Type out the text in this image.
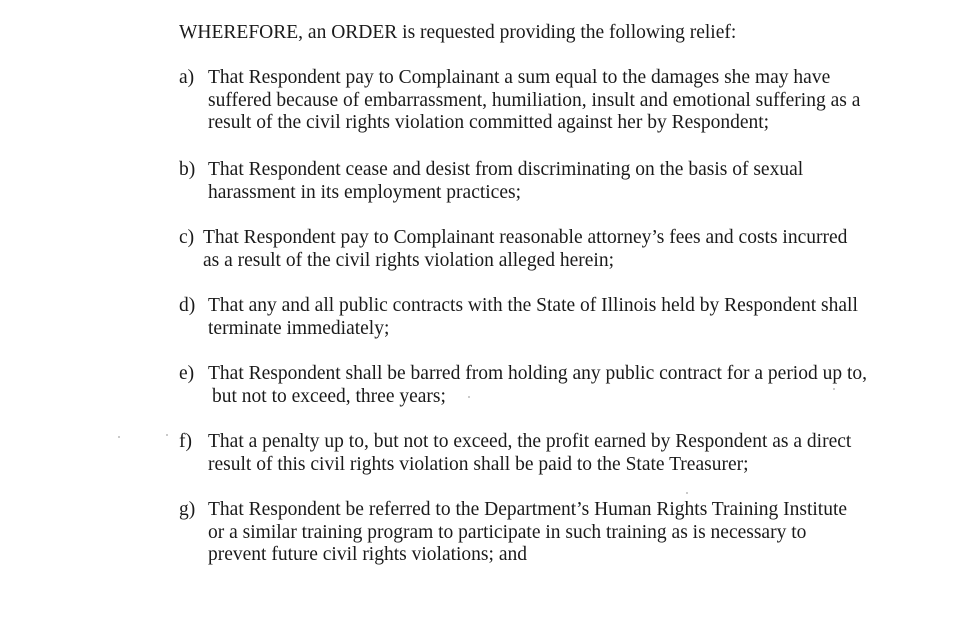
WHEREFORE, an ORDER is requested providing the following relief:
a) That Respondent pay to Complainant a sum equal to the damages she may have
suffered because of embarrassment, humiliation, insult and emotional suffering as a
result of the civil rights violation committed against her by Respondent;
b) That Respondent cease and desist from discriminating on the basis of sexual
harassment in its employment practices;
c) That Respondent pay to Complainant reasonable attorney’s fees and costs incurred
as a result of the civil rights violation alleged herein;
d) That any and all public contracts with the State of Illinois held by Respondent shall
terminate immediately;
e) That Respondent shall be barred from holding any public contract for a period up to,
but not to exceed, three years;
f) That a penalty up to, but not to exceed, the profit earned by Respondent as a direct
result of this civil rights violation shall be paid to the State Treasurer;
g) That Respondent be referred to the Department’s Human Rights Training Institute
or a similar training program to participate in such training as is necessary to
prevent future civil rights violations; and
